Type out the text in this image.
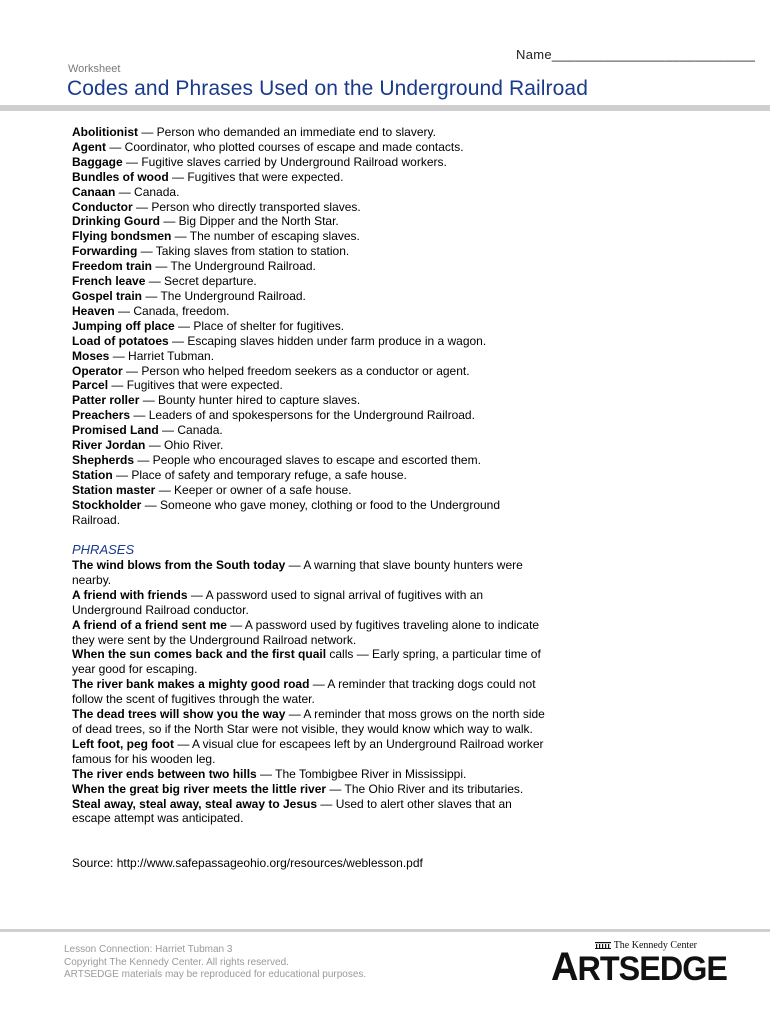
Name___________________________
Worksheet
Codes and Phrases Used on the Underground Railroad

Abolitionist — Person who demanded an immediate end to slavery.

Agent — Coordinator, who plotted courses of escape and made contacts.

Baggage — Fugitive slaves carried by Underground Railroad workers.

Bundles of wood — Fugitives that were expected.

Canaan — Canada.

Conductor — Person who directly transported slaves.

Drinking Gourd — Big Dipper and the North Star.

Flying bondsmen — The number of escaping slaves.

Forwarding — Taking slaves from station to station.

Freedom train — The Underground Railroad.

French leave — Secret departure.

Gospel train — The Underground Railroad.

Heaven — Canada, freedom.

Jumping off place — Place of shelter for fugitives.

Load of potatoes — Escaping slaves hidden under farm produce in a wagon.

Moses — Harriet Tubman.

Operator — Person who helped freedom seekers as a conductor or agent.

Parcel — Fugitives that were expected.

Patter roller — Bounty hunter hired to capture slaves.

Preachers — Leaders of and spokespersons for the Underground Railroad.

Promised Land — Canada.

River Jordan — Ohio River.

Shepherds — People who encouraged slaves to escape and escorted them.

Station — Place of safety and temporary refuge, a safe house.

Station master — Keeper or owner of a safe house.

Stockholder — Someone who gave money, clothing or food to the Underground Railroad.

PHRASES

The wind blows from the South today — A warning that slave bounty hunters were nearby.

A friend with friends — A password used to signal arrival of fugitives with an Underground Railroad conductor.

A friend of a friend sent me — A password used by fugitives traveling alone to indicate they were sent by the Underground Railroad network.

When the sun comes back and the first quail calls — Early spring, a particular time of year good for escaping.

The river bank makes a mighty good road — A reminder that tracking dogs could not follow the scent of fugitives through the water.

The dead trees will show you the way — A reminder that moss grows on the north side of dead trees, so if the North Star were not visible, they would know which way to walk.

Left foot, peg foot — A visual clue for escapees left by an Underground Railroad worker famous for his wooden leg.

The river ends between two hills — The Tombigbee River in Mississippi.

When the great big river meets the little river — The Ohio River and its tributaries.

Steal away, steal away, steal away to Jesus — Used to alert other slaves that an escape attempt was anticipated.

Source: http://www.safepassageohio.org/resources/weblesson.pdf
Lesson Connection: Harriet Tubman 3
Copyright The Kennedy Center. All rights reserved.
ARTSEDGE materials may be reproduced for educational purposes.
The Kennedy Center
ARTSEDGE
